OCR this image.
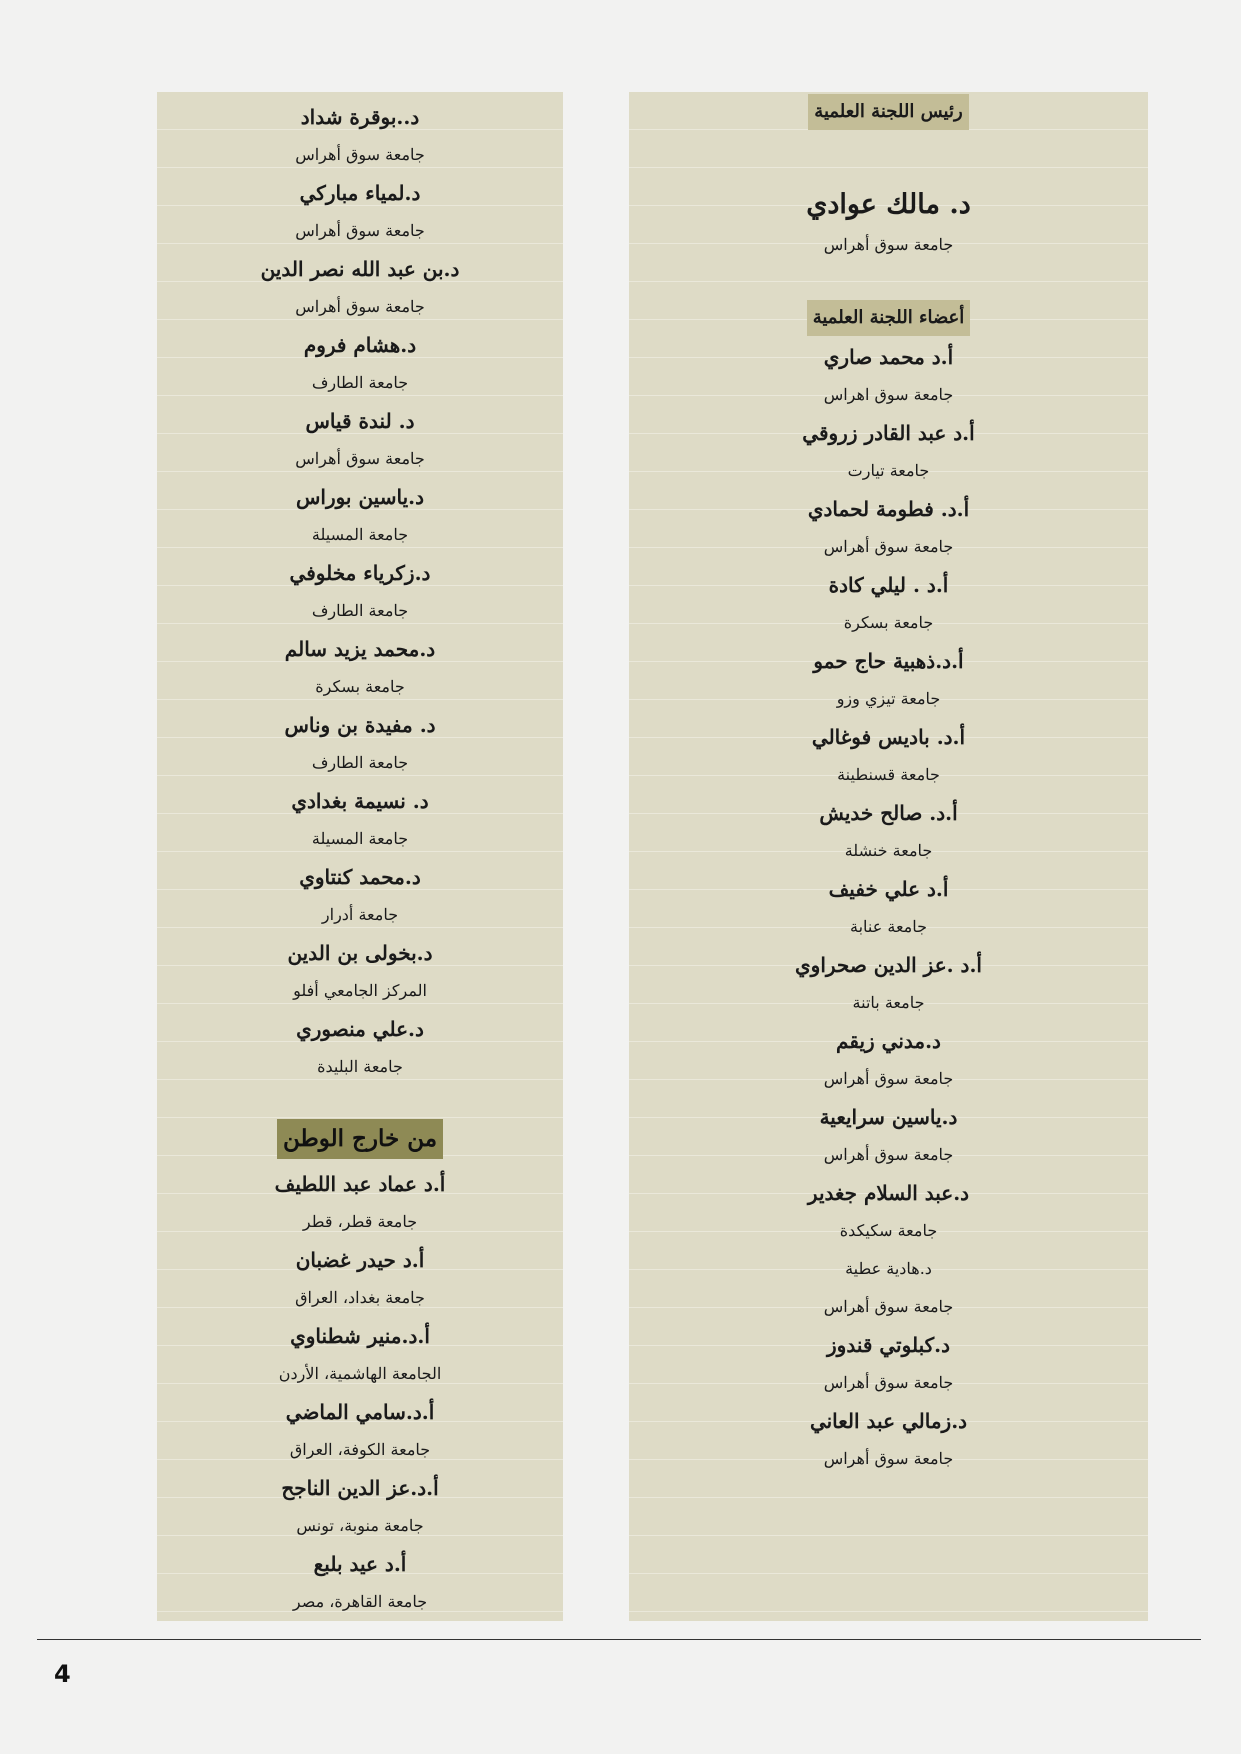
رئيس اللجنة العلمية
د. مالك عوادي
جامعة سوق أهراس
أعضاء اللجنة العلمية
أ.د محمد صاري
جامعة سوق اهراس
أ.د عبد القادر زروقي
جامعة تيارت
أ.د. فطومة لحمادي
جامعة سوق أهراس
أ.د . ليلي كادة
جامعة بسكرة
أ.د.ذهبية حاج حمو
جامعة تيزي وزو
أ.د. باديس فوغالي
جامعة قسنطينة
أ.د. صالح خديش
جامعة خنشلة
أ.د علي خفيف
جامعة عنابة
أ.د .عز الدين صحراوي
جامعة باتنة
د.مدني زيقم
جامعة سوق أهراس
د.ياسين سرايعية
جامعة سوق أهراس
د.عبد السلام جغدير
جامعة سكيكدة
د.هادية عطية
جامعة سوق أهراس
د.كبلوتي قندوز
جامعة سوق أهراس
د.زمالي عبد العاني
جامعة سوق أهراس
د..بوقرة شداد
جامعة سوق أهراس
د.لمياء مباركي
جامعة سوق أهراس
د.بن عبد الله نصر الدين
جامعة سوق أهراس
د.هشام فروم
جامعة الطارف
د. لندة قياس
جامعة سوق أهراس
د.ياسين بوراس
جامعة المسيلة
د.زكرياء مخلوفي
جامعة الطارف
د.محمد يزيد سالم
جامعة بسكرة
د. مفيدة بن وناس
جامعة الطارف
د. نسيمة بغدادي
جامعة المسيلة
د.محمد كنتاوي
جامعة أدرار
د.بخولى بن الدين
المركز الجامعي أفلو
د.علي منصوري
جامعة البليدة
من خارج الوطن
أ.د عماد عبد اللطيف
جامعة قطر، قطر
أ.د حيدر غضبان
جامعة بغداد، العراق
أ.د.منير شطناوي
الجامعة الهاشمية، الأردن
أ.د.سامي الماضي
جامعة الكوفة، العراق
أ.د.عز الدين الناجح
جامعة منوبة، تونس
أ.د عيد بلبع
جامعة القاهرة، مصر
4
